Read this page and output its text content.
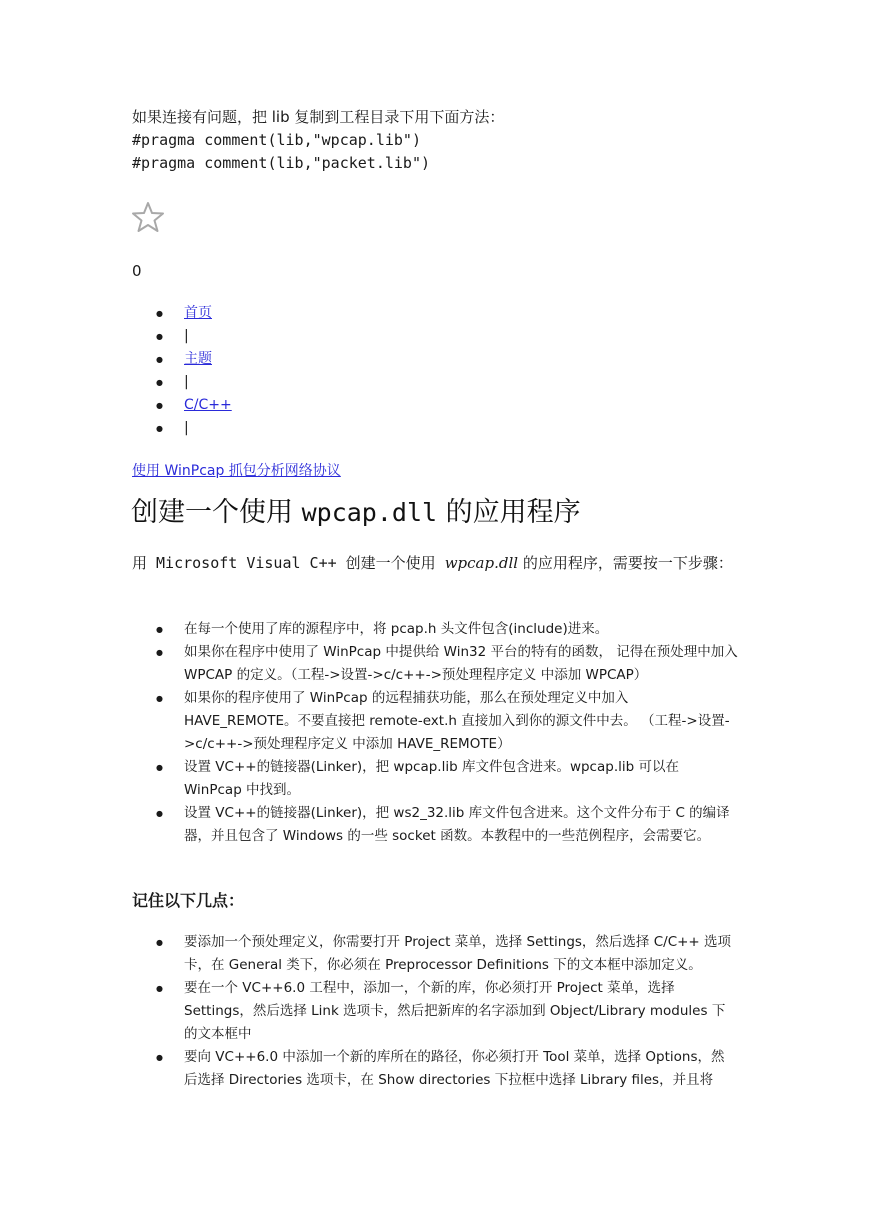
如果连接有问题，把 lib 复制到工程目录下用下面方法：
#pragma comment(lib,"wpcap.lib")
#pragma comment(lib,"packet.lib")
0
● 首页
● |
● 主题
● |
● C/C++
● |
使用 WinPcap 抓包分析网络协议
创建一个使用 wpcap.dll 的应用程序
用 Microsoft Visual C++ 创建一个使用 wpcap.dll 的应用程序，需要按一下步骤：
● 在每一个使用了库的源程序中，将 pcap.h 头文件包含(include)进来。
● 如果你在程序中使用了 WinPcap 中提供给 Win32 平台的特有的函数， 记得在预处理中加入 WPCAP 的定义。（工程->设置->c/c++->预处理程序定义 中添加 WPCAP）
● 如果你的程序使用了 WinPcap 的远程捕获功能，那么在预处理定义中加入 HAVE_REMOTE。不要直接把 remote-ext.h 直接加入到你的源文件中去。 （工程->设置->c/c++->预处理程序定义 中添加 HAVE_REMOTE）
● 设置 VC++的链接器(Linker)，把 wpcap.lib 库文件包含进来。wpcap.lib 可以在 WinPcap 中找到。
● 设置 VC++的链接器(Linker)，把 ws2_32.lib 库文件包含进来。这个文件分布于 C 的编译器，并且包含了 Windows 的一些 socket 函数。本教程中的一些范例程序，会需要它。
记住以下几点：
● 要添加一个预处理定义，你需要打开 Project 菜单，选择 Settings，然后选择 C/C++ 选项卡，在 General 类下，你必须在 Preprocessor Definitions 下的文本框中添加定义。
● 要在一个 VC++6.0 工程中，添加一，个新的库，你必须打开 Project 菜单，选择 Settings，然后选择 Link 选项卡，然后把新库的名字添加到 Object/Library modules 下的文本框中
● 要向 VC++6.0 中添加一个新的库所在的路径，你必须打开 Tool 菜单，选择 Options，然后选择 Directories 选项卡，在 Show directories 下拉框中选择 Library files，并且将
